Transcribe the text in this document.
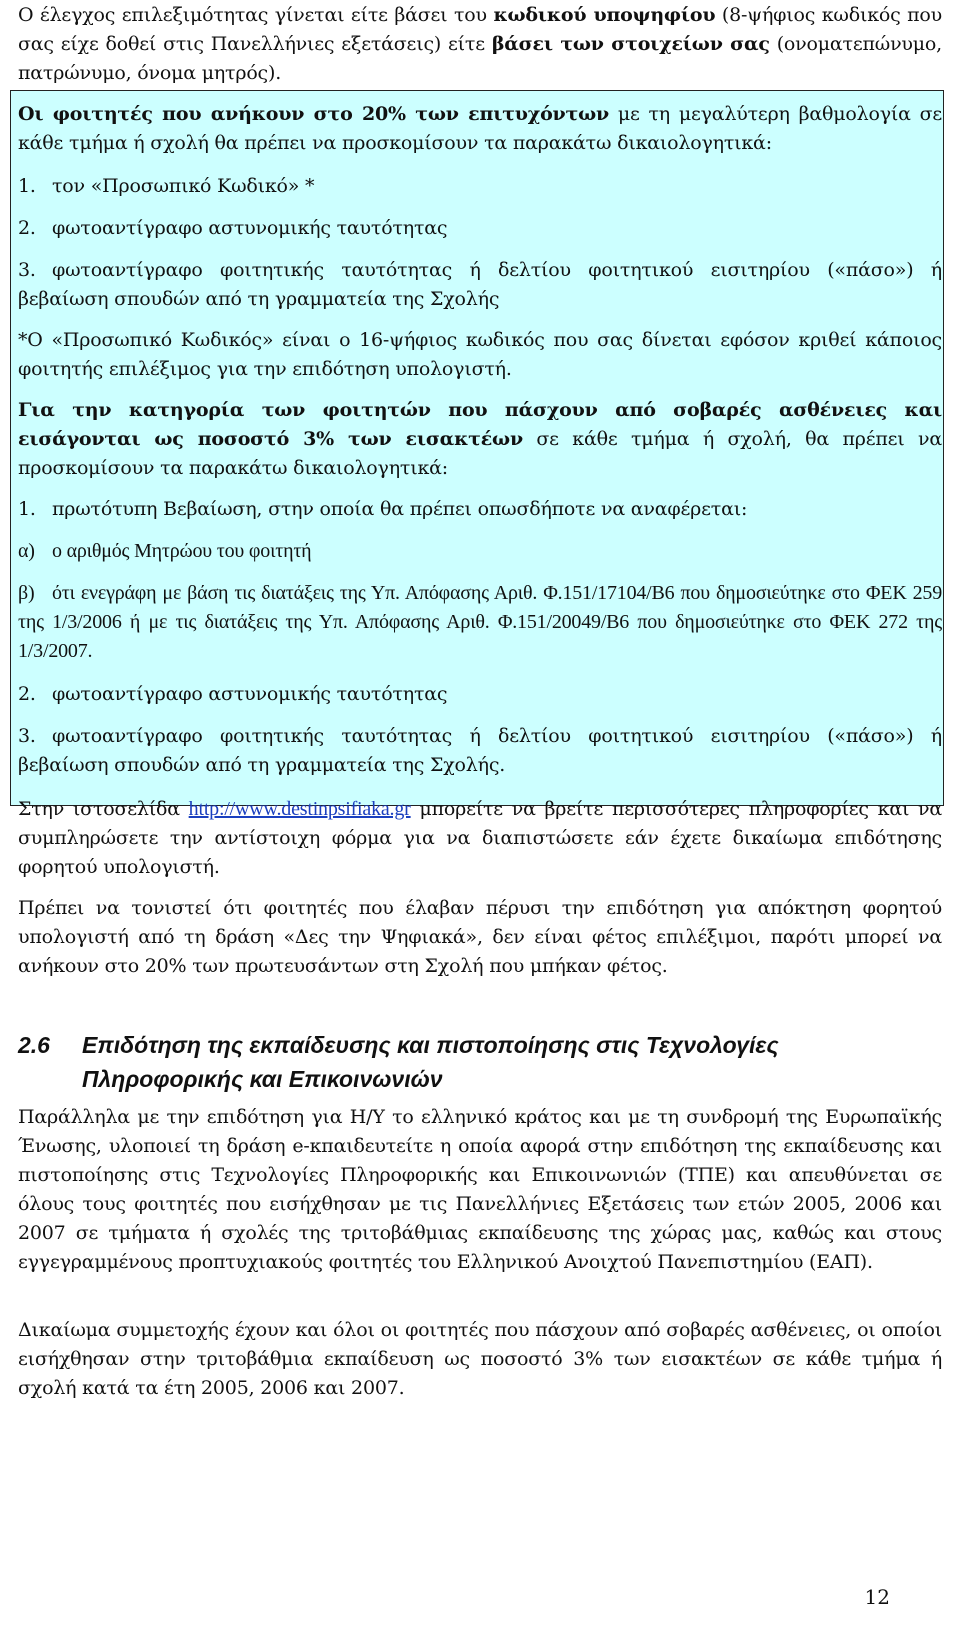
Ο έλεγχος επιλεξιμότητας γίνεται είτε βάσει του κωδικού υποψηφίου (8-ψήφιος κωδικός που σας είχε δοθεί στις Πανελλήνιες εξετάσεις) είτε βάσει των στοιχείων σας (ονοματεπώνυμο, πατρώνυμο, όνομα μητρός).

Οι φοιτητές που ανήκουν στο 20% των επιτυχόντων με τη μεγαλύτερη βαθμολογία σε κάθε τμήμα ή σχολή θα πρέπει να προσκομίσουν τα παρακάτω δικαιολογητικά:

1. τον «Προσωπικό Κωδικό» *

2. φωτοαντίγραφο αστυνομικής ταυτότητας

3. φωτοαντίγραφο φοιτητικής ταυτότητας ή δελτίου φοιτητικού εισιτηρίου («πάσο») ή βεβαίωση σπουδών από τη γραμματεία της Σχολής

*Ο «Προσωπικό Κωδικός» είναι ο 16-ψήφιος κωδικός που σας δίνεται εφόσον κριθεί κάποιος φοιτητής επιλέξιμος για την επιδότηση υπολογιστή.

Για την κατηγορία των φοιτητών που πάσχουν από σοβαρές ασθένειες και εισάγονται ως ποσοστό 3% των εισακτέων σε κάθε τμήμα ή σχολή, θα πρέπει να προσκομίσουν τα παρακάτω δικαιολογητικά:

1. πρωτότυπη Βεβαίωση, στην οποία θα πρέπει οπωσδήποτε να αναφέρεται:

α) ο αριθμός Μητρώου του φοιτητή

β) ότι ενεγράφη με βάση τις διατάξεις της Υπ. Απόφασης Αριθ. Φ.151/17104/Β6 που δημοσιεύτηκε στο ΦΕΚ 259 της 1/3/2006 ή με τις διατάξεις της Υπ. Απόφασης Αριθ. Φ.151/20049/Β6 που δημοσιεύτηκε στο ΦΕΚ 272 της 1/3/2007.

2. φωτοαντίγραφο αστυνομικής ταυτότητας

3. φωτοαντίγραφο φοιτητικής ταυτότητας ή δελτίου φοιτητικού εισιτηρίου («πάσο») ή βεβαίωση σπουδών από τη γραμματεία της Σχολής.

Στην ιστοσελίδα http://www.destinpsifiaka.gr μπορείτε να βρείτε περισσότερες πληροφορίες και να συμπληρώσετε την αντίστοιχη φόρμα για να διαπιστώσετε εάν έχετε δικαίωμα επιδότησης φορητού υπολογιστή.

Πρέπει να τονιστεί ότι φοιτητές που έλαβαν πέρυσι την επιδότηση για απόκτηση φορητού υπολογιστή από τη δράση «Δες την Ψηφιακά», δεν είναι φέτος επιλέξιμοι, παρότι μπορεί να ανήκουν στο 20% των πρωτευσάντων στη Σχολή που μπήκαν φέτος.

2.6 Επιδότηση της εκπαίδευσης και πιστοποίησης στις Τεχνολογίες
Πληροφορικής και Επικοινωνιών

Παράλληλα με την επιδότηση για Η/Υ το ελληνικό κράτος και με τη συνδρομή της Ευρωπαϊκής Ένωσης, υλοποιεί τη δράση e-κπαιδευτείτε η οποία αφορά στην επιδότηση της εκπαίδευσης και πιστοποίησης στις Τεχνολογίες Πληροφορικής και Επικοινωνιών (ΤΠΕ) και απευθύνεται σε όλους τους φοιτητές που εισήχθησαν με τις Πανελλήνιες Εξετάσεις των ετών 2005, 2006 και 2007 σε τμήματα ή σχολές της τριτοβάθμιας εκπαίδευσης της χώρας μας, καθώς και στους εγγεγραμμένους προπτυχιακούς φοιτητές του Ελληνικού Ανοιχτού Πανεπιστημίου (ΕΑΠ).

Δικαίωμα συμμετοχής έχουν και όλοι οι φοιτητές που πάσχουν από σοβαρές ασθένειες, οι οποίοι εισήχθησαν στην τριτοβάθμια εκπαίδευση ως ποσοστό 3% των εισακτέων σε κάθε τμήμα ή σχολή κατά τα έτη 2005, 2006 και 2007.

12
